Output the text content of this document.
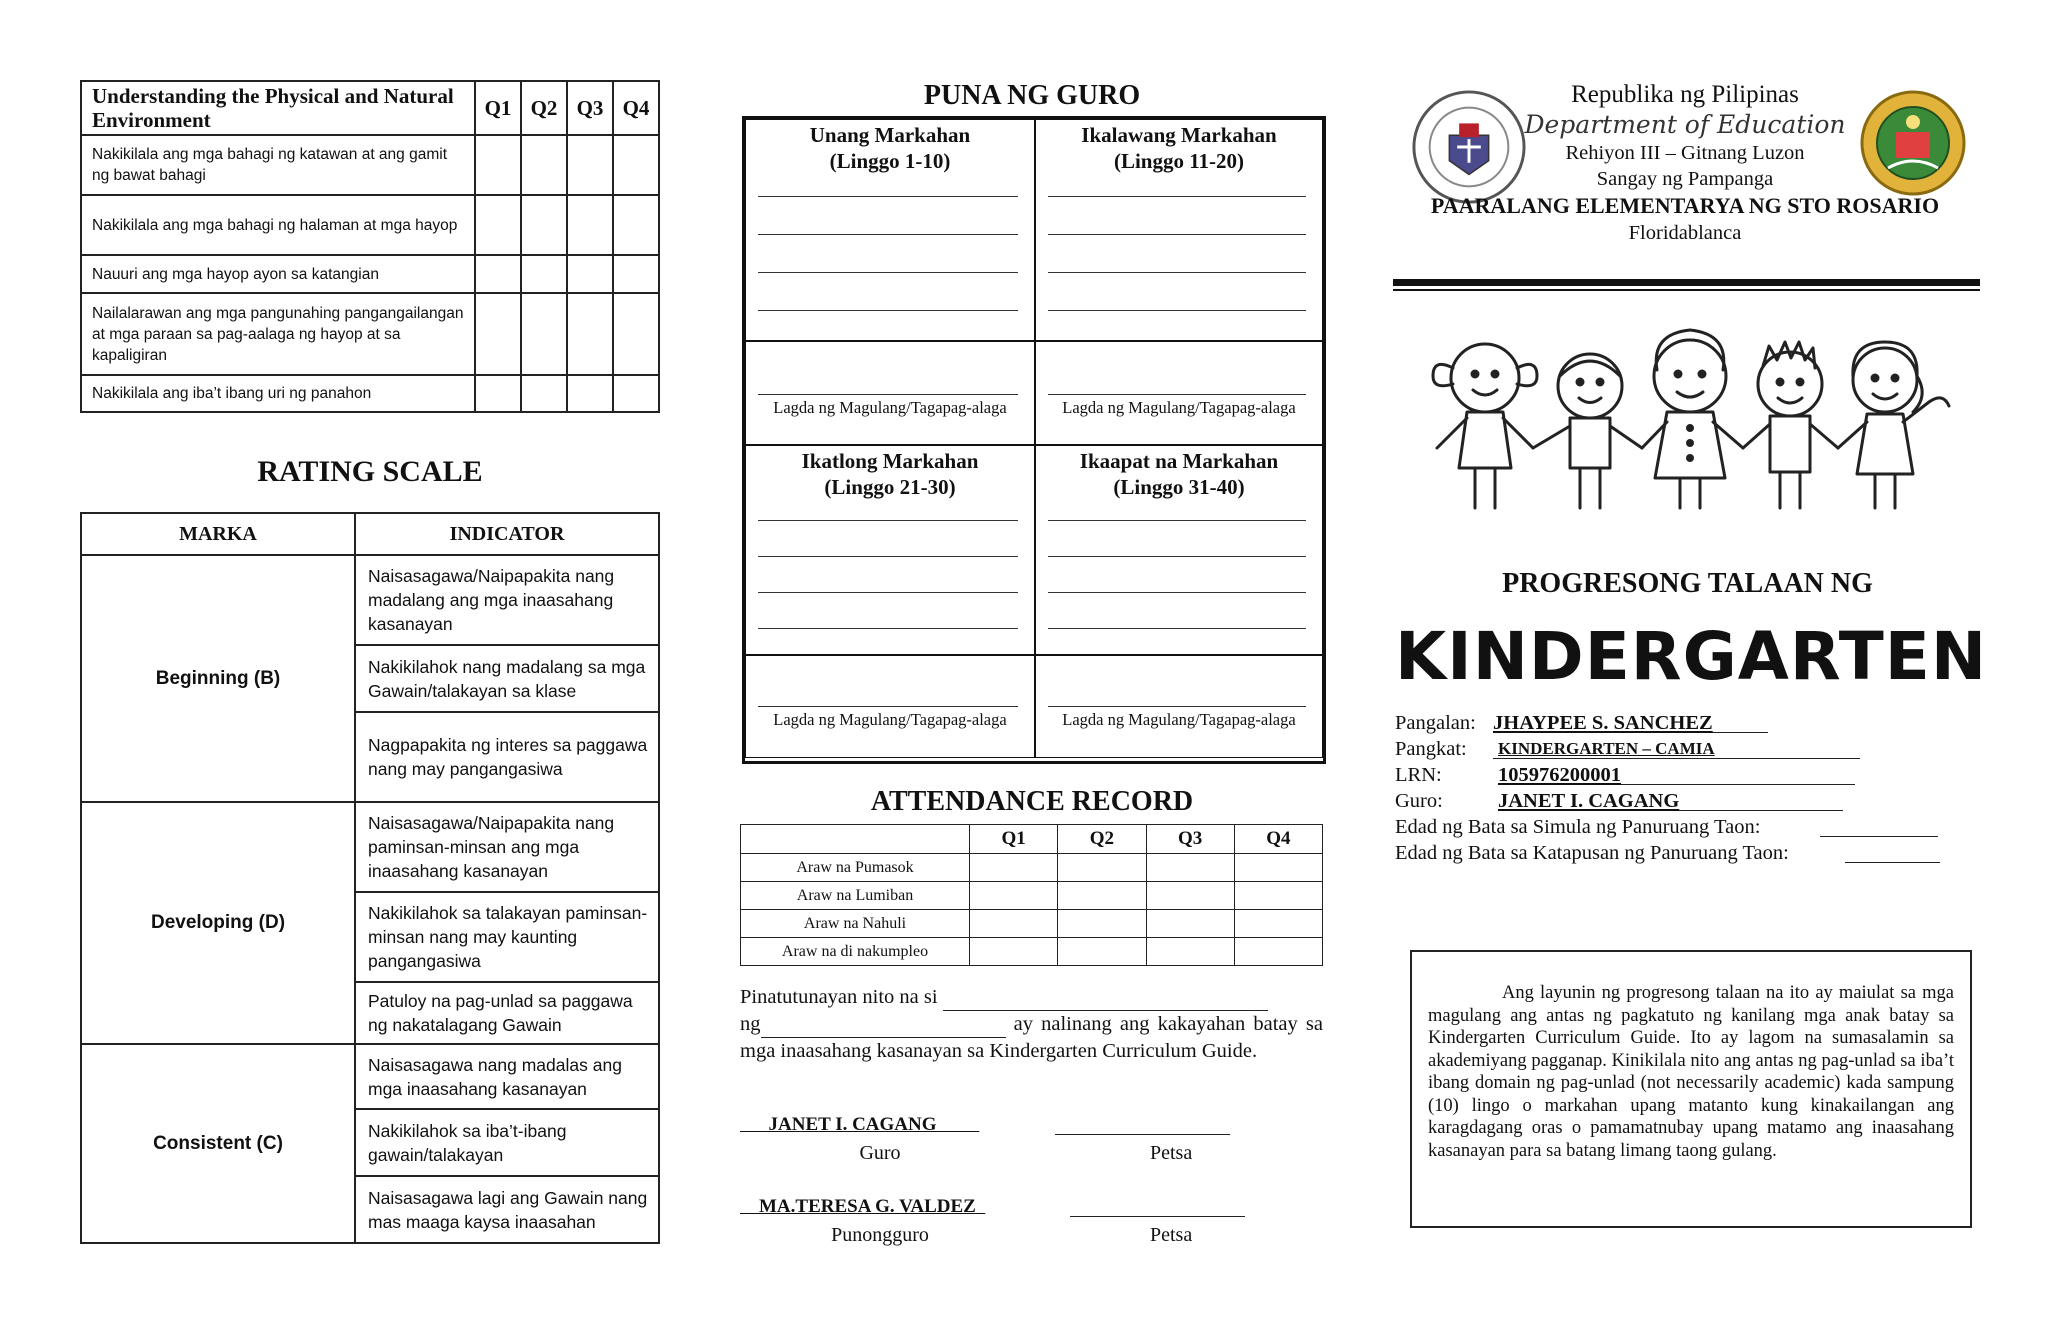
Understanding the Physical and Natural Environment	Q1	Q2	Q3	Q4
Nakikilala ang mga bahagi ng katawan at ang gamit ng bawat bahagi				
Nakikilala ang mga bahagi ng halaman at mga hayop				
Nauuri ang mga hayop ayon sa katangian				
Nailalarawan ang mga pangunahing pangangailangan at mga paraan sa pag-aalaga ng hayop at sa kapaligiran				
Nakikilala ang iba’t ibang uri ng panahon				
RATING SCALE
MARKA	INDICATOR
Beginning (B)	Naisasagawa/Naipapakita nang madalang ang mga inaasahang kasanayan
	Nakikilahok nang madalang sa mga Gawain/talakayan sa klase
	Nagpapakita ng interes sa paggawa nang may pangangasiwa
Developing (D)	Naisasagawa/Naipapakita nang paminsan-minsan ang mga inaasahang kasanayan
	Nakikilahok sa talakayan paminsan-minsan nang may kaunting pangangasiwa
	Patuloy na pag-unlad sa paggawa ng nakatalagang Gawain
Consistent (C)	Naisasagawa nang madalas ang mga inaasahang kasanayan
	Nakikilahok sa iba’t-ibang gawain/talakayan
	Naisasagawa lagi ang Gawain nang mas maaga kaysa inaasahan
PUNA NG GURO
Unang Markahan
(Linggo 1-10)
Ikalawang Markahan
(Linggo 11-20)
Lagda ng Magulang/Tagapag-alaga	Lagda ng Magulang/Tagapag-alaga
Ikatlong Markahan
(Linggo 21-30)
Ikaapat na Markahan
(Linggo 31-40)
Lagda ng Magulang/Tagapag-alaga	Lagda ng Magulang/Tagapag-alaga
ATTENDANCE RECORD
	Q1	Q2	Q3	Q4
Araw na Pumasok				
Araw na Lumiban				
Araw na Nahuli				
Araw na di nakumpleo				
Pinatutunayan nito na si
ng	ay nalinang ang kakayahan batay sa mga inaasahang kasanayan sa Kindergarten Curriculum Guide.
JANET I. CAGANG
Guro	Petsa
MA.TERESA G. VALDEZ
Punongguro	Petsa
Republika ng Pilipinas
Department of Education
Rehiyon III – Gitnang Luzon
Sangay ng Pampanga
PAARALANG ELEMENTARYA NG STO ROSARIO
Floridablanca
PROGRESONG TALAAN NG
KINDERGARTEN
Pangalan: JHAYPEE S. SANCHEZ
Pangkat: KINDERGARTEN – CAMIA
LRN:	105976200001
Guro:	JANET I. CAGANG
Edad ng Bata sa Simula ng Panuruang Taon:
Edad ng Bata sa Katapusan ng Panuruang Taon:
Ang layunin ng progresong talaan na ito ay maiulat sa mga magulang ang antas ng pagkatuto ng kanilang mga anak batay sa Kindergarten Curriculum Guide. Ito ay lagom na sumasalamin sa akademiyang pagganap. Kinikilala nito ang antas ng pag-unlad sa iba’t ibang domain ng pag-unlad (not necessarily academic) kada sampung (10) lingo o markahan upang matanto kung kinakailangan ang karagdagang oras o pamamatnubay upang matamo ang inaasahang kasanayan para sa batang limang taong gulang.
